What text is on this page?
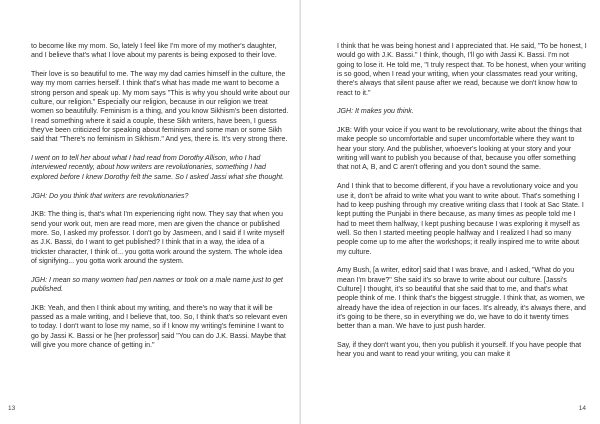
to become like my mom. So, lately I feel like I'm more of my mother's daughter, and I believe that's what I love about my parents is being exposed to their love.

Their love is so beautiful to me. The way my dad carries himself in the culture, the way my mom carries herself. I think that's what has made me want to become a strong person and speak up. My mom says "This is why you should write about our culture, our religion." Especially our religion, because in our religion we treat women so beautifully. Feminism is a thing, and you know Sikhism's been distorted. I read something where it said a couple, these Sikh writers, have been, I guess they've been criticized for speaking about feminism and some man or some Sikh said that "There's no feminism in Sikhism." And yes, there is. It's very strong there.

I went on to tell her about what I had read from Dorothy Allison, who I had interviewed recently, about how writers are revolutionaries, something I had explored before I knew Dorothy felt the same. So I asked Jassi what she thought.

JGH: Do you think that writers are revolutionaries?

JKB: The thing is, that's what I'm experiencing right now. They say that when you send your work out, men are read more, men are given the chance or published more. So, I asked my professor. I don't go by Jasmeen, and I said if I write myself as J.K. Bassi, do I want to get published? I think that in a way, the idea of a trickster character, I think of... you gotta work around the system. The whole idea of signifying... you gotta work around the system.

JGH: I mean so many women had pen names or took on a male name just to get published.

JKB: Yeah, and then I think about my writing, and there's no way that it will be passed as a male writing, and I believe that, too. So, I think that's so relevant even to today. I don't want to lose my name, so if I know my writing's feminine I want to go by Jassi K. Bassi or he [her professor] said "You can do J.K. Bassi. Maybe that will give you more chance of getting in."

13

I think that he was being honest and I appreciated that. He said, "To be honest, I would go with J.K. Bassi." I think, though, I'll go with Jassi K. Bassi. I'm not going to lose it. He told me, "I truly respect that. To be honest, when your writing is so good, when I read your writing, when your classmates read your writing, there's always that silent pause after we read, because we don't know how to react to it."

JGH: It makes you think.

JKB: With your voice if you want to be revolutionary, write about the things that make people so uncomfortable and super uncomfortable where they want to hear your story. And the publisher, whoever's looking at your story and your writing will want to publish you because of that, because you offer something that not A, B, and C aren't offering and you don't sound the same.

And I think that to become different, if you have a revolutionary voice and you use it, don't be afraid to write what you want to write about. That's something I had to keep pushing through my creative writing class that I took at Sac State. I kept putting the Punjabi in there because, as many times as people told me I had to meet them halfway, I kept pushing because I was exploring it myself as well. So then I started meeting people halfway and I realized I had so many people come up to me after the workshops; it really inspired me to write about my culture.

Amy Bush, [a writer, editor] said that I was brave, and I asked, "What do you mean I'm brave?" She said it's so brave to write about our culture. [Jassi's Culture] I thought, it's so beautiful that she said that to me, and that's what people think of me. I think that's the biggest struggle. I think that, as women, we already have the idea of rejection in our faces. It's already, it's always there, and it's going to be there, so in everything we do, we have to do it twenty times better than a man. We have to just push harder.

Say, if they don't want you, then you publish it yourself. If you have people that hear you and want to read your writing, you can make it

14
